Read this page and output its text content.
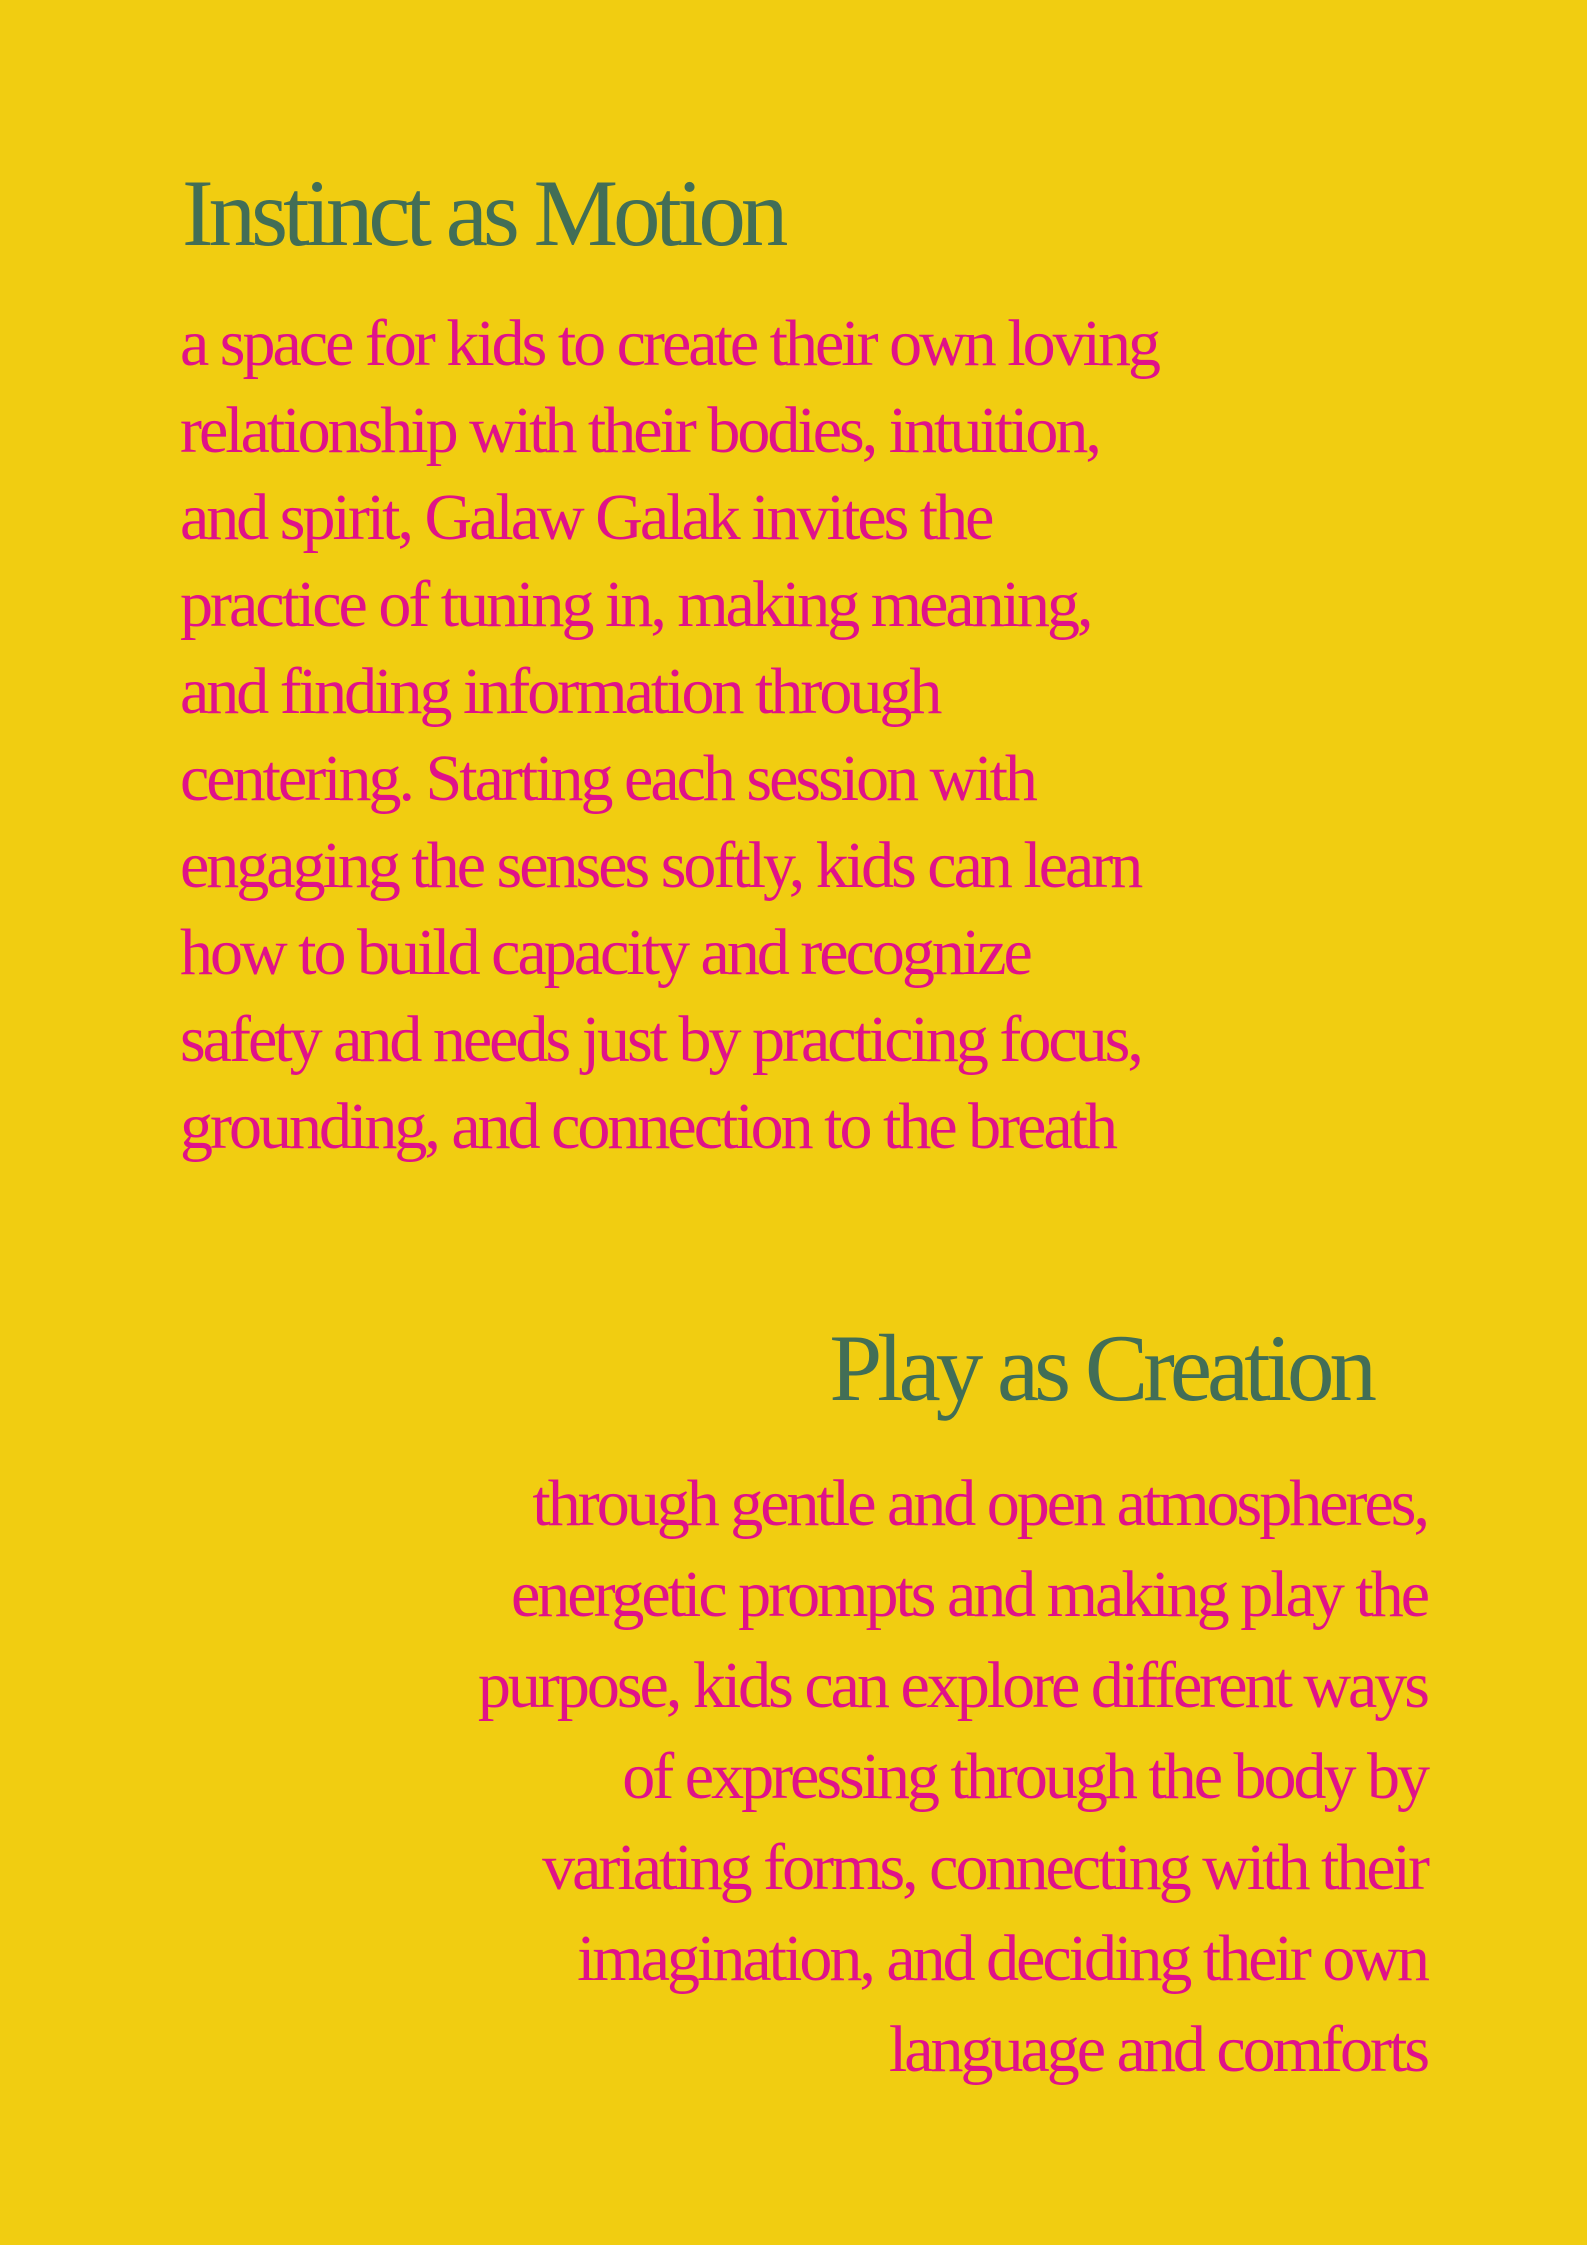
Instinct as Motion
a space for kids to create their own loving
relationship with their bodies, intuition,
and spirit, Galaw Galak invites the
practice of tuning in, making meaning,
and finding information through
centering. Starting each session with
engaging the senses softly, kids can learn
how to build capacity and recognize
safety and needs just by practicing focus,
grounding, and connection to the breath
Play as Creation
through gentle and open atmospheres,
energetic prompts and making play the
purpose, kids can explore different ways
of expressing through the body by
variating forms, connecting with their
imagination, and deciding their own
language and comforts
